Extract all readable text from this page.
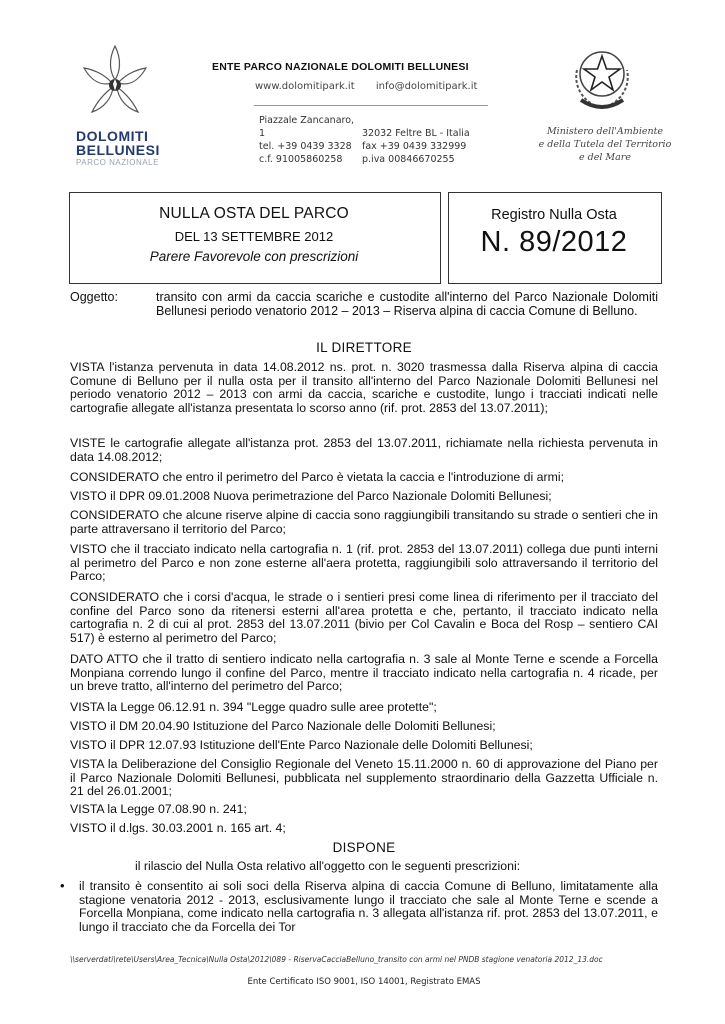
DOLOMITI
BELLUNESI
PARCO NAZIONALE
ENTE PARCO NAZIONALE DOLOMITI BELLUNESI
www.dolomitipark.it info@dolomitipark.it
Piazzale Zancanaro, 1	32032 Feltre BL - Italia
tel. +39 0439 3328 fax +39 0439 332999
c.f. 91005860258 p.iva 00846670255
Ministero dell'Ambiente
e della Tutela del Territorio
e del Mare
NULLA OSTA DEL PARCO
DEL 13 SETTEMBRE 2012
Parere Favorevole con prescrizioni
Registro Nulla Osta
N. 89/2012
Oggetto:	transito con armi da caccia scariche e custodite all'interno del Parco Nazionale Dolomiti Bellunesi periodo venatorio 2012 – 2013 – Riserva alpina di caccia Comune di Belluno.
IL DIRETTORE
VISTA l'istanza pervenuta in data 14.08.2012 ns. prot. n. 3020 trasmessa dalla Riserva alpina di caccia Comune di Belluno per il nulla osta per il transito all'interno del Parco Nazionale Dolomiti Bellunesi nel periodo venatorio 2012 – 2013 con armi da caccia, scariche e custodite, lungo i tracciati indicati nelle cartografie allegate all'istanza presentata lo scorso anno (rif. prot. 2853 del 13.07.2011);
VISTE le cartografie allegate all'istanza prot. 2853 del 13.07.2011, richiamate nella richiesta pervenuta in data 14.08.2012;
CONSIDERATO che entro il perimetro del Parco è vietata la caccia e l'introduzione di armi;
VISTO il DPR 09.01.2008 Nuova perimetrazione del Parco Nazionale Dolomiti Bellunesi;
CONSIDERATO che alcune riserve alpine di caccia sono raggiungibili transitando su strade o sentieri che in parte attraversano il territorio del Parco;
VISTO che il tracciato indicato nella cartografia n. 1 (rif. prot. 2853 del 13.07.2011) collega due punti interni al perimetro del Parco e non zone esterne all'aera protetta, raggiungibili solo attraversando il territorio del Parco;
CONSIDERATO che i corsi d'acqua, le strade o i sentieri presi come linea di riferimento per il tracciato del confine del Parco sono da ritenersi esterni all'area protetta e che, pertanto, il tracciato indicato nella cartografia n. 2 di cui al prot. 2853 del 13.07.2011 (bivio per Col Cavalin e Boca del Rosp – sentiero CAI 517) è esterno al perimetro del Parco;
DATO ATTO che il tratto di sentiero indicato nella cartografia n. 3 sale al Monte Terne e scende a Forcella Monpiana correndo lungo il confine del Parco, mentre il tracciato indicato nella cartografia n. 4 ricade, per un breve tratto, all'interno del perimetro del Parco;
VISTA la Legge 06.12.91 n. 394 "Legge quadro sulle aree protette";
VISTO il DM 20.04.90 Istituzione del Parco Nazionale delle Dolomiti Bellunesi;
VISTO il DPR 12.07.93 Istituzione dell'Ente Parco Nazionale delle Dolomiti Bellunesi;
VISTA la Deliberazione del Consiglio Regionale del Veneto 15.11.2000 n. 60 di approvazione del Piano per il Parco Nazionale Dolomiti Bellunesi, pubblicata nel supplemento straordinario della Gazzetta Ufficiale n. 21 del 26.01.2001;
VISTA la Legge 07.08.90 n. 241;
VISTO il d.lgs. 30.03.2001 n. 165 art. 4;
DISPONE
il rilascio del Nulla Osta relativo all'oggetto con le seguenti prescrizioni:
• il transito è consentito ai soli soci della Riserva alpina di caccia Comune di Belluno, limitatamente alla stagione venatoria 2012 - 2013, esclusivamente lungo il tracciato che sale al Monte Terne e scende a Forcella Monpiana, come indicato nella cartografia n. 3 allegata all'istanza rif. prot. 2853 del 13.07.2011, e lungo il tracciato che da Forcella dei Tor
\\serverdati\rete\Users\Area_Tecnica\Nulla Osta\2012\089 - RiservaCacciaBelluno_transito con armi nel PNDB stagione venatoria 2012_13.doc
Ente Certificato ISO 9001, ISO 14001, Registrato EMAS
